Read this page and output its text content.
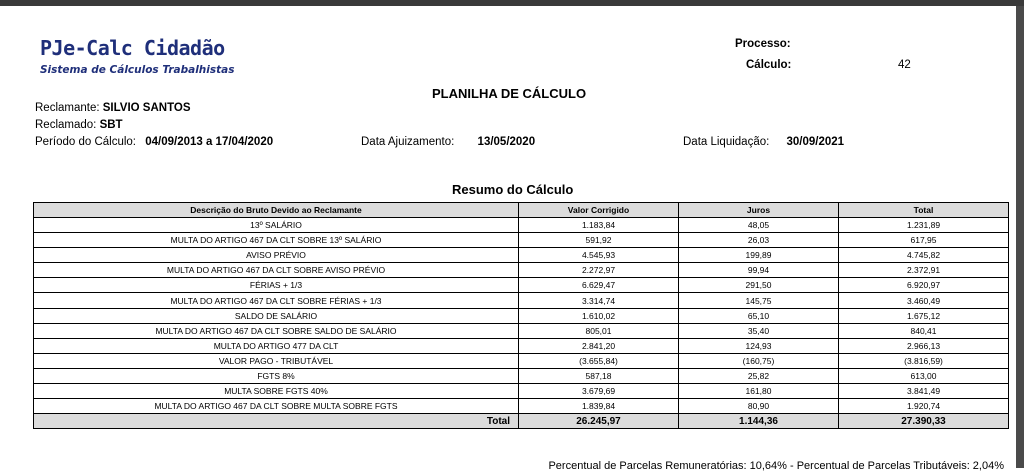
PJe-Calc Cidadão
Sistema de Cálculos Trabalhistas
Processo:
Cálculo:	42
PLANILHA DE CÁLCULO
Reclamante: SILVIO SANTOS
Reclamado: SBT
Período do Cálculo: 04/09/2013 a 17/04/2020	Data Ajuizamento: 13/05/2020	Data Liquidação: 30/09/2021
Resumo do Cálculo
Descrição do Bruto Devido ao Reclamante	Valor Corrigido	Juros	Total
13º SALÁRIO	1.183,84	48,05	1.231,89
MULTA DO ARTIGO 467 DA CLT SOBRE 13º SALÁRIO	591,92	26,03	617,95
AVISO PRÉVIO	4.545,93	199,89	4.745,82
MULTA DO ARTIGO 467 DA CLT SOBRE AVISO PRÉVIO	2.272,97	99,94	2.372,91
FÉRIAS + 1/3	6.629,47	291,50	6.920,97
MULTA DO ARTIGO 467 DA CLT SOBRE FÉRIAS + 1/3	3.314,74	145,75	3.460,49
SALDO DE SALÁRIO	1.610,02	65,10	1.675,12
MULTA DO ARTIGO 467 DA CLT SOBRE SALDO DE SALÁRIO	805,01	35,40	840,41
MULTA DO ARTIGO 477 DA CLT	2.841,20	124,93	2.966,13
VALOR PAGO - TRIBUTÁVEL	(3.655,84)	(160,75)	(3.816,59)
FGTS 8%	587,18	25,82	613,00
MULTA SOBRE FGTS 40%	3.679,69	161,80	3.841,49
MULTA DO ARTIGO 467 DA CLT SOBRE MULTA SOBRE FGTS	1.839,84	80,90	1.920,74
Total	26.245,97	1.144,36	27.390,33
Percentual de Parcelas Remuneratórias: 10,64% - Percentual de Parcelas Tributáveis: 2,04%
